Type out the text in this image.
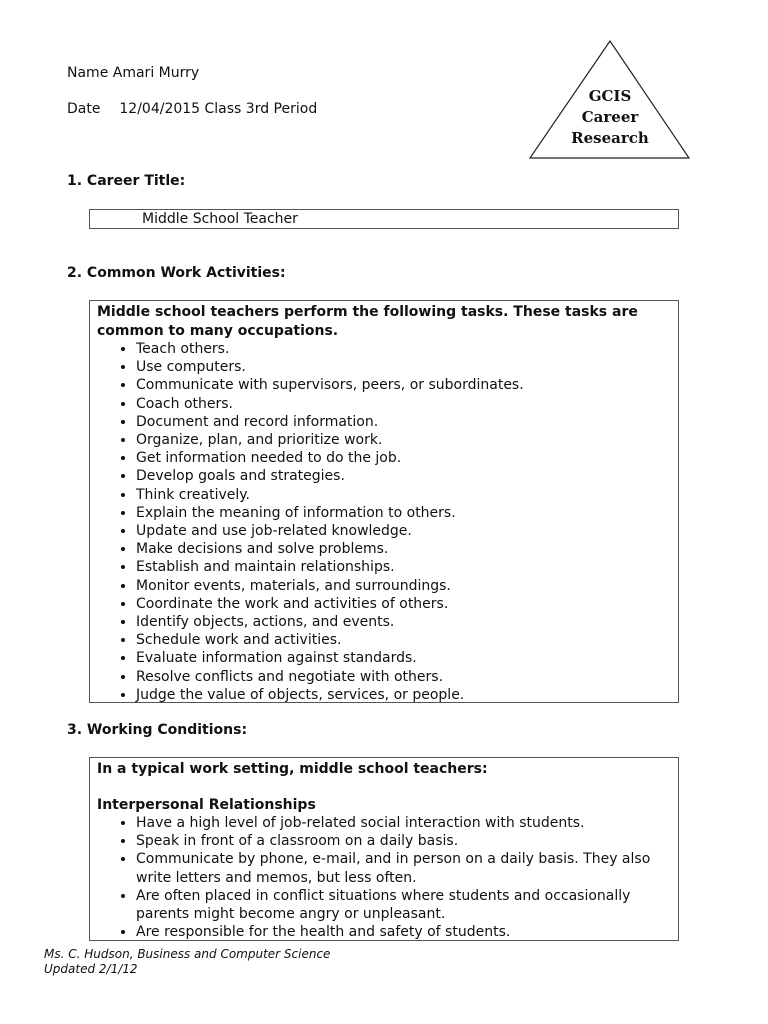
Name Amari Murry
Date 12/04/2015 Class 3rd Period
GCIS
Career
Research
1. Career Title:
Middle School Teacher
2. Common Work Activities:
Middle school teachers perform the following tasks. These tasks are common to many occupations.
• Teach others.
• Use computers.
• Communicate with supervisors, peers, or subordinates.
• Coach others.
• Document and record information.
• Organize, plan, and prioritize work.
• Get information needed to do the job.
• Develop goals and strategies.
• Think creatively.
• Explain the meaning of information to others.
• Update and use job-related knowledge.
• Make decisions and solve problems.
• Establish and maintain relationships.
• Monitor events, materials, and surroundings.
• Coordinate the work and activities of others.
• Identify objects, actions, and events.
• Schedule work and activities.
• Evaluate information against standards.
• Resolve conflicts and negotiate with others.
• Judge the value of objects, services, or people.
3. Working Conditions:
In a typical work setting, middle school teachers:
Interpersonal Relationships
• Have a high level of job-related social interaction with students.
• Speak in front of a classroom on a daily basis.
• Communicate by phone, e-mail, and in person on a daily basis. They also write letters and memos, but less often.
• Are often placed in conflict situations where students and occasionally parents might become angry or unpleasant.
• Are responsible for the health and safety of students.
Ms. C. Hudson, Business and Computer Science
Updated 2/1/12
